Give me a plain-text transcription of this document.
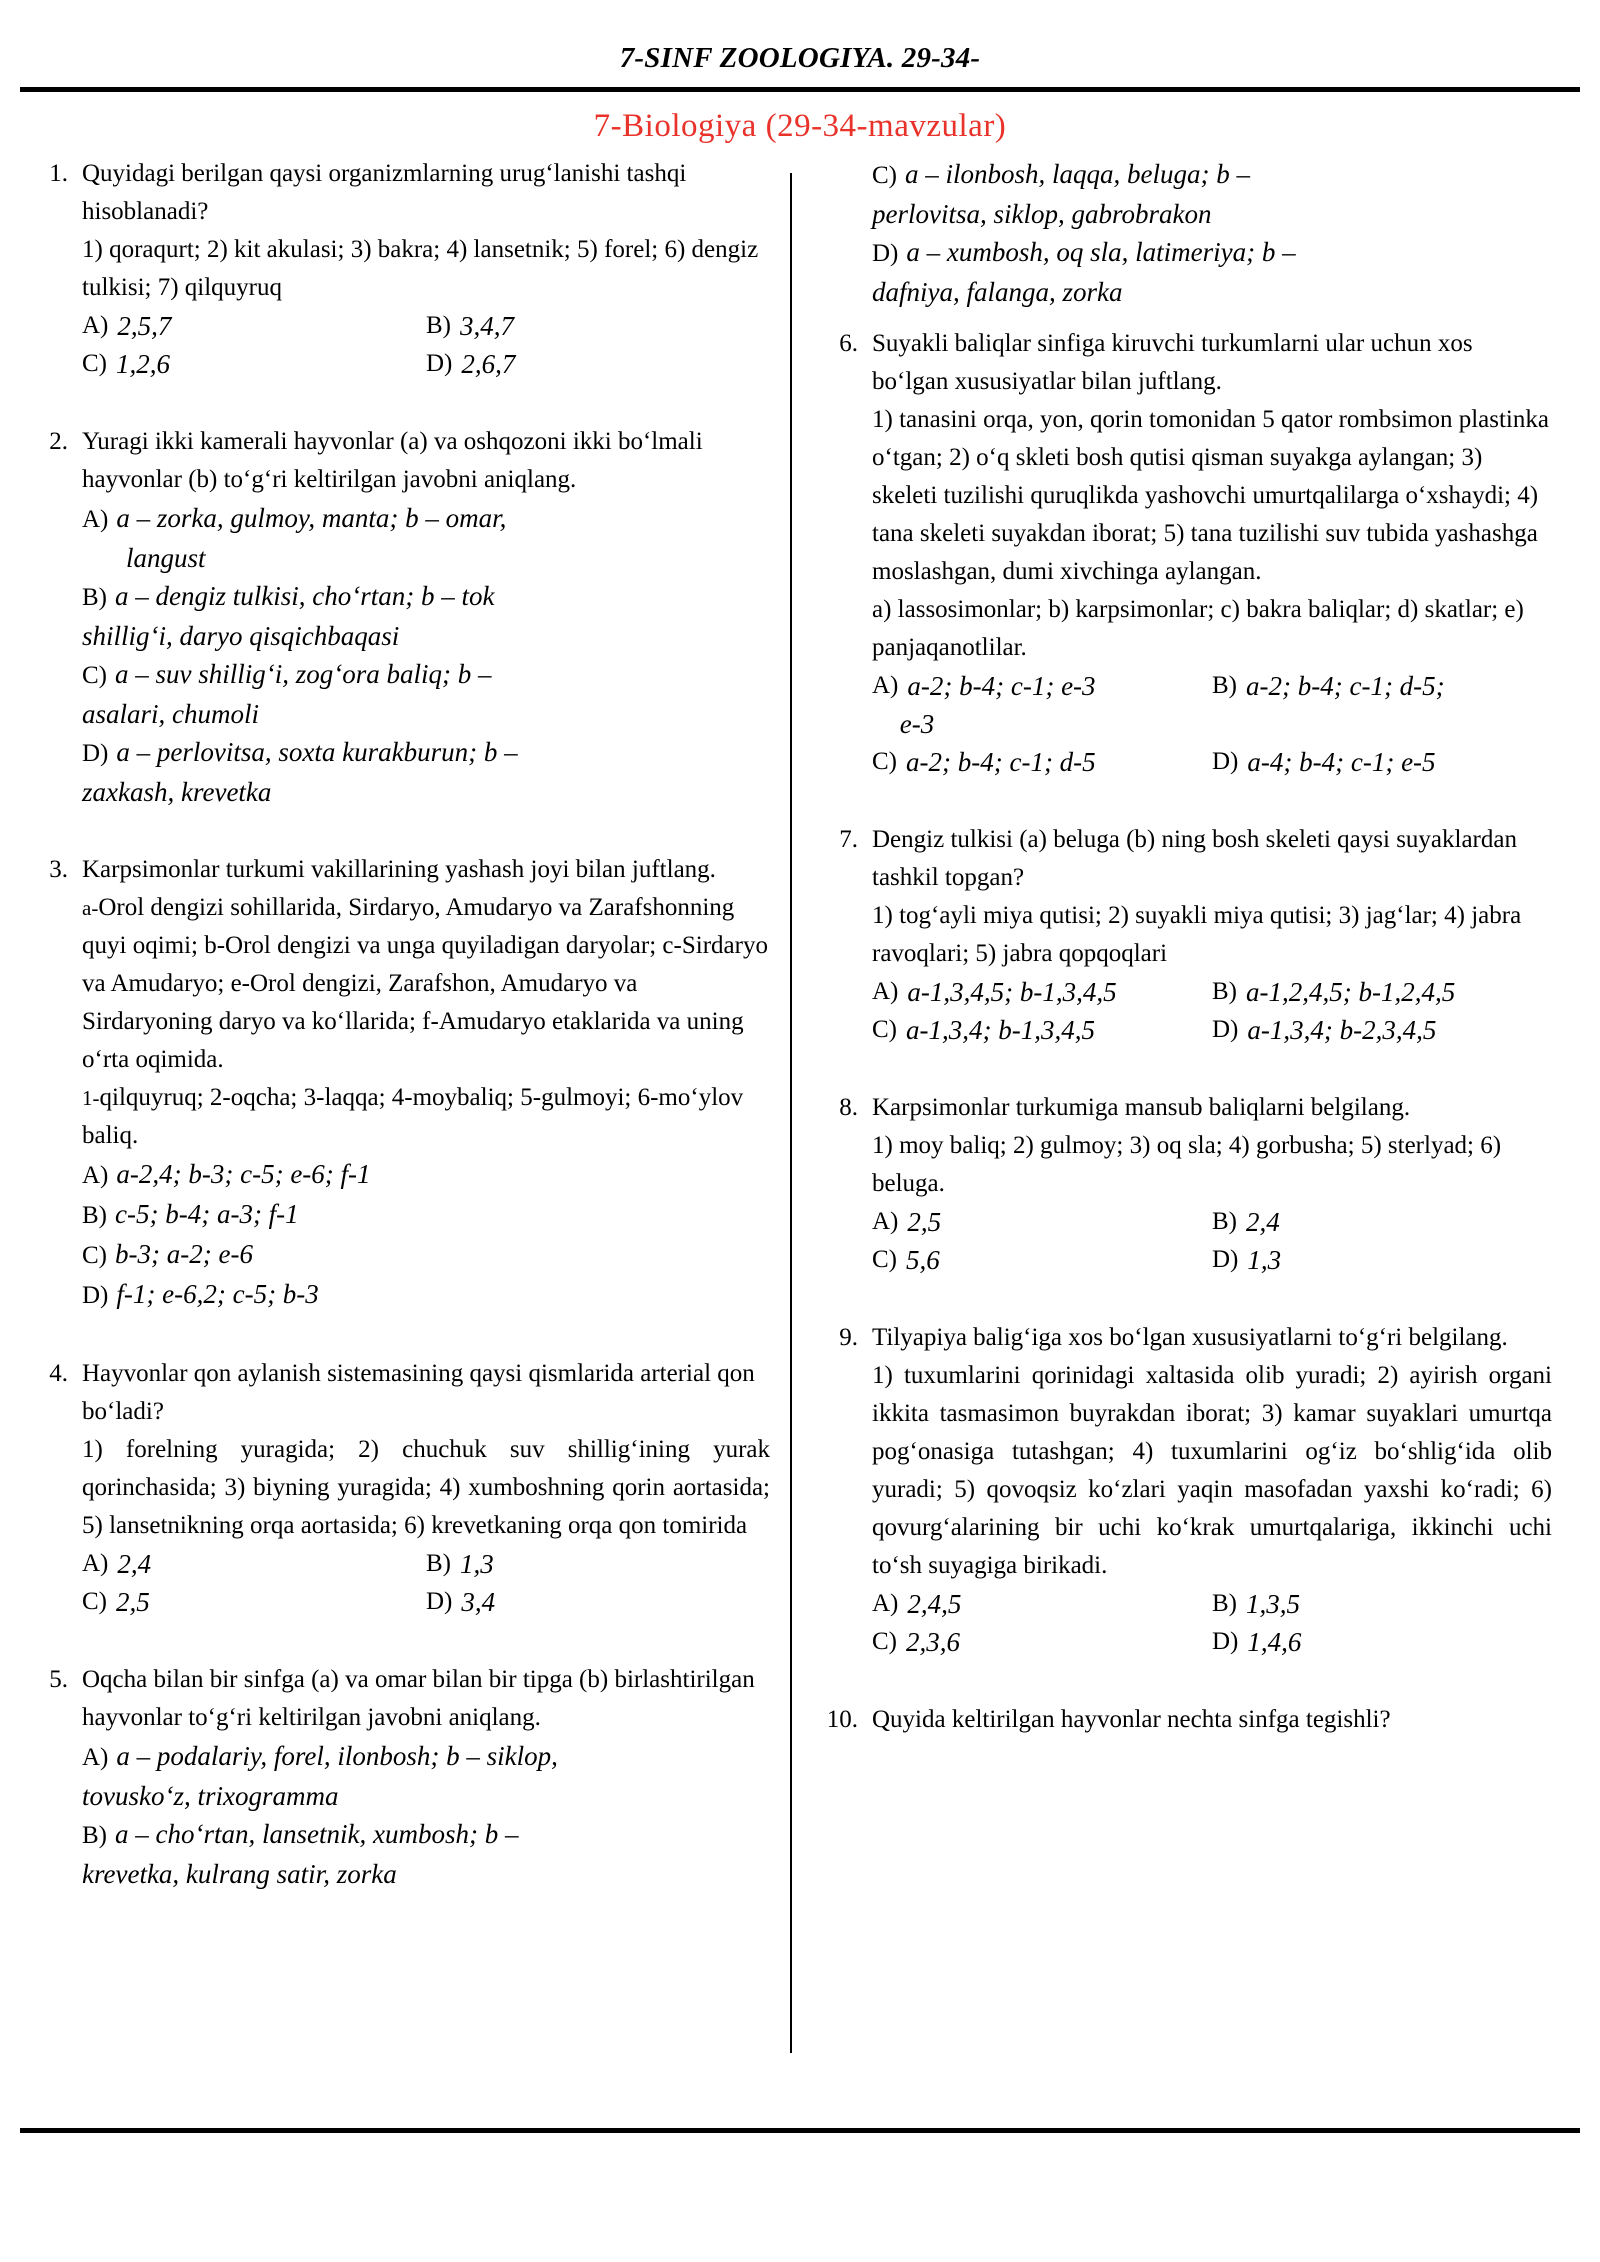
7-SINF ZOOLOGIYA. 29-34-
7-Biologiya (29-34-mavzular)
1. Quyidagi berilgan qaysi organizmlarning urug‘lanishi tashqi hisoblanadi?
1) qoraqurt; 2) kit akulasi; 3) bakra; 4) lansetnik; 5) forel; 6) dengiz tulkisi; 7) qilquyruq
A) 2,5,7	B) 3,4,7
C) 1,2,6	D) 2,6,7
2. Yuragi ikki kamerali hayvonlar (a) va oshqozoni ikki bo‘lmali hayvonlar (b) to‘g‘ri keltirilgan javobni aniqlang.
A) a – zorka, gulmoy, manta; b – omar,
langust
B) a – dengiz tulkisi, cho‘rtan; b – tok
shillig‘i, daryo qisqichbaqasi
C) a – suv shillig‘i, zog‘ora baliq; b –
asalari, chumoli
D) a – perlovitsa, soxta kurakburun; b –
zaxkash, krevetka
3. Karpsimonlar turkumi vakillarining yashash joyi bilan juftlang.
a-Orol dengizi sohillarida, Sirdaryo, Amudaryo va Zarafshonning quyi oqimi; b-Orol dengizi va unga quyiladigan daryolar; c-Sirdaryo va Amudaryo; e-Orol dengizi, Zarafshon, Amudaryo va Sirdaryoning daryo va ko‘llarida; f-Amudaryo etaklarida va uning o‘rta oqimida.
1-qilquyruq; 2-oqcha; 3-laqqa; 4-moybaliq; 5-gulmoyi; 6-mo‘ylov baliq.
A) a-2,4; b-3; c-5; e-6; f-1
B) c-5; b-4; a-3; f-1
C) b-3; a-2; e-6
D) f-1; e-6,2; c-5; b-3
4. Hayvonlar qon aylanish sistemasining qaysi qismlarida arterial qon bo‘ladi?
1) forelning yuragida; 2) chuchuk suv shillig‘ining yurak qorinchasida; 3) biyning yuragida; 4) xumboshning qorin aortasida; 5) lansetnikning orqa aortasida; 6) krevetkaning orqa qon tomirida
A) 2,4	B) 1,3
C) 2,5	D) 3,4
5. Oqcha bilan bir sinfga (a) va omar bilan bir tipga (b) birlashtirilgan hayvonlar to‘g‘ri keltirilgan javobni aniqlang.
A) a – podalariy, forel, ilonbosh; b – siklop,
tovusko‘z, trixogramma
B) a – cho‘rtan, lansetnik, xumbosh; b –
krevetka, kulrang satir, zorka
C) a – ilonbosh, laqqa, beluga; b –
perlovitsa, siklop, gabrobrakon
D) a – xumbosh, oq sla, latimeriya; b –
dafniya, falanga, zorka
6. Suyakli baliqlar sinfiga kiruvchi turkumlarni ular uchun xos bo‘lgan xususiyatlar bilan juftlang.
1) tanasini orqa, yon, qorin tomonidan 5 qator rombsimon plastinka o‘tgan; 2) o‘q skleti bosh qutisi qisman suyakga aylangan; 3) skeleti tuzilishi quruqlikda yashovchi umurtqalilarga o‘xshaydi; 4) tana skeleti suyakdan iborat; 5) tana tuzilishi suv tubida yashashga moslashgan, dumi xivchinga aylangan.
a) lassosimonlar; b) karpsimonlar; c) bakra baliqlar; d) skatlar; e) panjaqanotlilar.
A) a-2; b-4; c-1; e-3	B) a-2; b-4; c-1; d-5;

e-3
C) a-2; b-4; c-1; d-5	D) a-4; b-4; c-1; e-5
7. Dengiz tulkisi (a) beluga (b) ning bosh skeleti qaysi suyaklardan tashkil topgan?
1) tog‘ayli miya qutisi; 2) suyakli miya qutisi; 3) jag‘lar; 4) jabra ravoqlari; 5) jabra qopqoqlari
A) a-1,3,4,5; b-1,3,4,5	B) a-1,2,4,5; b-1,2,4,5
C) a-1,3,4; b-1,3,4,5	D) a-1,3,4; b-2,3,4,5
8. Karpsimonlar turkumiga mansub baliqlarni belgilang.
1) moy baliq; 2) gulmoy; 3) oq sla; 4) gorbusha; 5) sterlyad; 6) beluga.
A) 2,5	B) 2,4
C) 5,6	D) 1,3
9. Tilyapiya balig‘iga xos bo‘lgan xususiyatlarni to‘g‘ri belgilang.
1) tuxumlarini qorinidagi xaltasida olib yuradi; 2) ayirish organi ikkita tasmasimon buyrakdan iborat; 3) kamar suyaklari umurtqa pog‘onasiga tutashgan; 4) tuxumlarini og‘iz bo‘shlig‘ida olib yuradi; 5) qovoqsiz ko‘zlari yaqin masofadan yaxshi ko‘radi; 6) qovurg‘alarining bir uchi ko‘krak umurtqalariga, ikkinchi uchi to‘sh suyagiga birikadi.
A) 2,4,5	B) 1,3,5
C) 2,3,6	D) 1,4,6
10. Quyida keltirilgan hayvonlar nechta sinfga tegishli?
